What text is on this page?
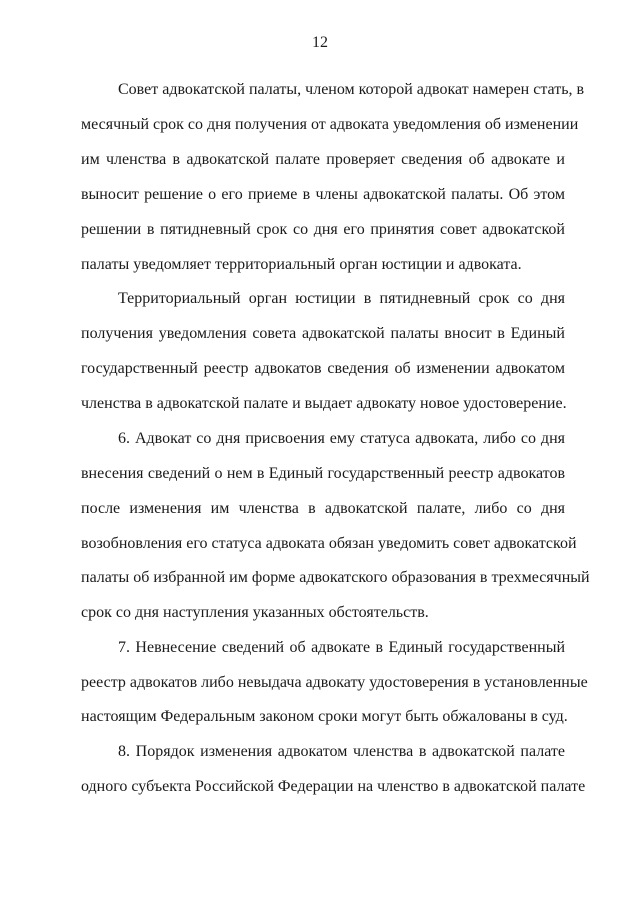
12
Совет адвокатской палаты, членом которой адвокат намерен стать, в
месячный срок со дня получения от адвоката уведомления об изменении
им членства в адвокатской палате проверяет сведения об адвокате и
выносит решение о его приеме в члены адвокатской палаты. Об этом
решении в пятидневный срок со дня его принятия совет адвокатской
палаты уведомляет территориальный орган юстиции и адвоката.
Территориальный орган юстиции в пятидневный срок со дня
получения уведомления совета адвокатской палаты вносит в Единый
государственный реестр адвокатов сведения об изменении адвокатом
членства в адвокатской палате и выдает адвокату новое удостоверение.
6. Адвокат со дня присвоения ему статуса адвоката, либо со дня
внесения сведений о нем в Единый государственный реестр адвокатов
после изменения им членства в адвокатской палате, либо со дня
возобновления его статуса адвоката обязан уведомить совет адвокатской
палаты об избранной им форме адвокатского образования в трехмесячный
срок со дня наступления указанных обстоятельств.
7. Невнесение сведений об адвокате в Единый государственный
реестр адвокатов либо невыдача адвокату удостоверения в установленные
настоящим Федеральным законом сроки могут быть обжалованы в суд.
8. Порядок изменения адвокатом членства в адвокатской палате
одного субъекта Российской Федерации на членство в адвокатской палате
